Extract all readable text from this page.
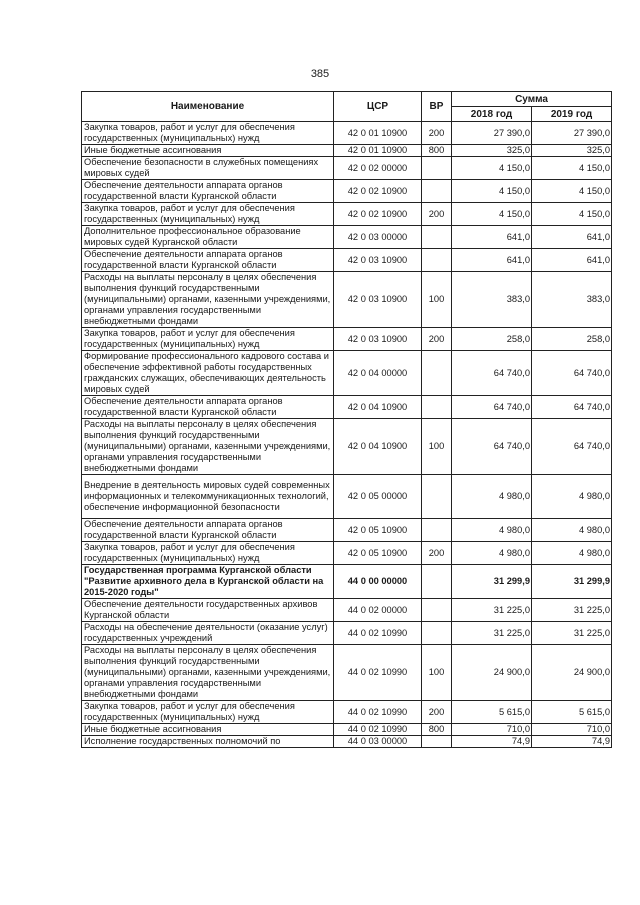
385
Наименование	ЦСР	ВР	Сумма	
			2018 год	2019 год
Закупка товаров, работ и услуг для обеспечения государственных (муниципальных) нужд	42 0 01 10900	200	27 390,0	27 390,0
Иные бюджетные ассигнования	42 0 01 10900	800	325,0	325,0
Обеспечение безопасности в служебных помещениях мировых судей	42 0 02 00000		4 150,0	4 150,0
Обеспечение деятельности аппарата органов государственной власти Курганской области	42 0 02 10900		4 150,0	4 150,0
Закупка товаров, работ и услуг для обеспечения государственных (муниципальных) нужд	42 0 02 10900	200	4 150,0	4 150,0
Дополнительное профессиональное образование мировых судей Курганской области	42 0 03 00000		641,0	641,0
Обеспечение деятельности аппарата органов государственной власти Курганской области	42 0 03 10900		641,0	641,0
Расходы на выплаты персоналу в целях обеспечения выполнения функций государственными (муниципальными) органами, казенными учреждениями, органами управления государственными внебюджетными фондами	42 0 03 10900	100	383,0	383,0
Закупка товаров, работ и услуг для обеспечения государственных (муниципальных) нужд	42 0 03 10900	200	258,0	258,0
Формирование профессионального кадрового состава и обеспечение эффективной работы государственных гражданских служащих, обеспечивающих деятельность мировых судей	42 0 04 00000		64 740,0	64 740,0
Обеспечение деятельности аппарата органов государственной власти Курганской области	42 0 04 10900		64 740,0	64 740,0
Расходы на выплаты персоналу в целях обеспечения выполнения функций государственными (муниципальными) органами, казенными учреждениями, органами управления государственными внебюджетными фондами	42 0 04 10900	100	64 740,0	64 740,0
Внедрение в деятельность мировых судей современных информационных и телекоммуникационных технологий, обеспечение информационной безопасности	42 0 05 00000		4 980,0	4 980,0
Обеспечение деятельности аппарата органов государственной власти Курганской области	42 0 05 10900		4 980,0	4 980,0
Закупка товаров, работ и услуг для обеспечения государственных (муниципальных) нужд	42 0 05 10900	200	4 980,0	4 980,0
Государственная программа Курганской области "Развитие архивного дела в Курганской области на 2015-2020 годы"	44 0 00 00000		31 299,9	31 299,9
Обеспечение деятельности государственных архивов Курганской области	44 0 02 00000		31 225,0	31 225,0
Расходы на обеспечение деятельности (оказание услуг) государственных учреждений	44 0 02 10990		31 225,0	31 225,0
Расходы на выплаты персоналу в целях обеспечения выполнения функций государственными (муниципальными) органами, казенными учреждениями, органами управления государственными внебюджетными фондами	44 0 02 10990	100	24 900,0	24 900,0
Закупка товаров, работ и услуг для обеспечения государственных (муниципальных) нужд	44 0 02 10990	200	5 615,0	5 615,0
Иные бюджетные ассигнования	44 0 02 10990	800	710,0	710,0
Исполнение государственных полномочий по	44 0 03 00000		74,9	74,9
